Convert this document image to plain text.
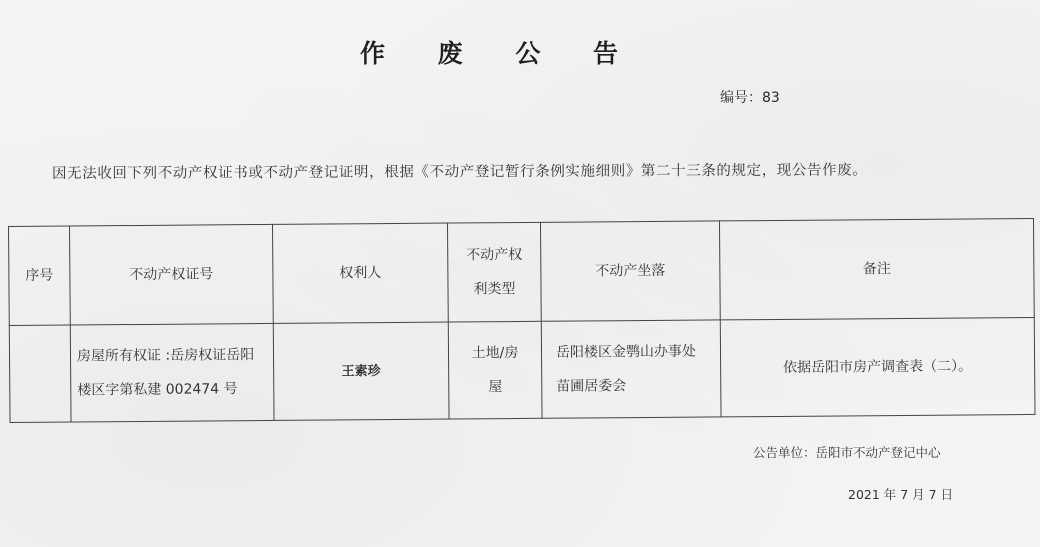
作 废 公 告
编号：83
因无法收回下列不动产权证书或不动产登记证明，根据《不动产登记暂行条例实施细则》第二十三条的规定，现公告作废。
序号	不动产权证号	权利人	不动产权利类型	不动产坐落	备注
	房屋所有权证 :岳房权证岳阳楼区字第私建 002474 号	王素珍	土地/房屋	岳阳楼区金鹗山办事处苗圃居委会	依据岳阳市房产调查表（二）。
公告单位：岳阳市不动产登记中心
2021 年 7 月 7 日
